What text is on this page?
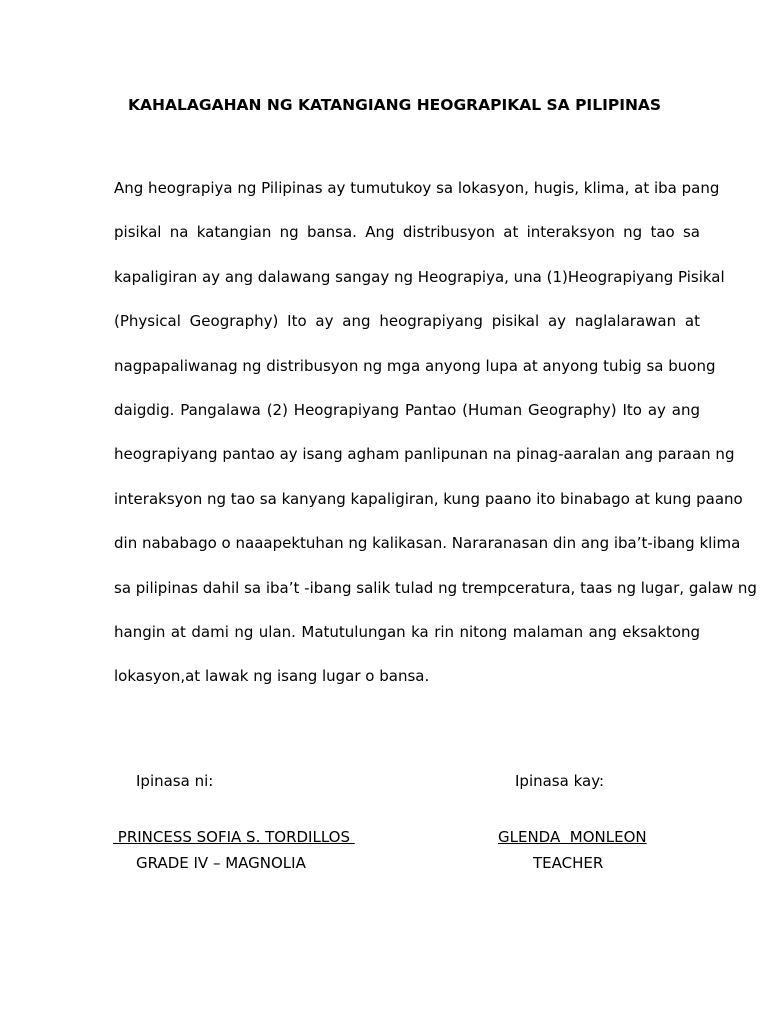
KAHALAGAHAN NG KATANGIANG HEOGRAPIKAL SA PILIPINAS
Ang heograpiya ng Pilipinas ay tumutukoy sa lokasyon, hugis, klima, at iba pang
pisikal na katangian ng bansa. Ang distribusyon at interaksyon ng tao sa
kapaligiran ay ang dalawang sangay ng Heograpiya, una (1)Heograpiyang Pisikal
(Physical Geography) Ito ay ang heograpiyang pisikal ay naglalarawan at
nagpapaliwanag ng distribusyon ng mga anyong lupa at anyong tubig sa buong
daigdig. Pangalawa (2) Heograpiyang Pantao (Human Geography) Ito ay ang
heograpiyang pantao ay isang agham panlipunan na pinag-aaralan ang paraan ng
interaksyon ng tao sa kanyang kapaligiran, kung paano ito binabago at kung paano
din nababago o naaapektuhan ng kalikasan. Nararanasan din ang iba’t-ibang klima
sa pilipinas dahil sa iba’t -ibang salik tulad ng trempceratura, taas ng lugar, galaw ng
hangin at dami ng ulan. Matutulungan ka rin nitong malaman ang eksaktong
lokasyon,at lawak ng isang lugar o bansa.
Ipinasa ni:	Ipinasa kay:
PRINCESS SOFIA S. TORDILLOS	GLENDA  MONLEON
GRADE IV – MAGNOLIA	TEACHER
